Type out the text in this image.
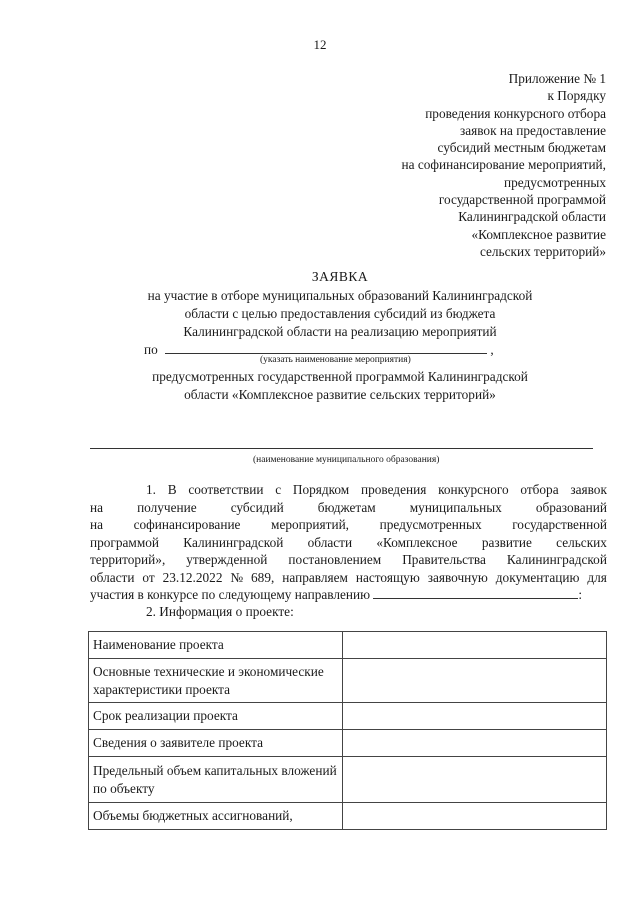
12
Приложение № 1
к Порядку
проведения конкурсного отбора
заявок на предоставление
субсидий местным бюджетам
на софинансирование мероприятий,
предусмотренных
государственной программой
Калининградской области
«Комплексное развитие
сельских территорий»
ЗАЯВКА
на участие в отборе муниципальных образований Калининградской
области с целью предоставления субсидий из бюджета
Калининградской области на реализацию мероприятий
по	,
(указать наименование мероприятия)
предусмотренных государственной программой Калининградской
области «Комплексное развитие сельских территорий»
(наименование муниципального образования)
1. В соответствии с Порядком проведения конкурсного отбора заявок
на	получение	субсидий	бюджетам	муниципальных	образований
на софинансирование мероприятий, предусмотренных государственной
программой Калининградской области «Комплексное развитие сельских
территорий», утвержденной постановлением Правительства Калининградской
области от 23.12.2022 № 689, направляем настоящую заявочную документацию для
участия в конкурсе по следующему направлению
	:
2. Информация о проекте:
Наименование проекта	
Основные технические и экономические характеристики проекта	
Срок реализации проекта	
Сведения о заявителе проекта	
Предельный объем капитальных вложений по объекту	
Объемы бюджетных ассигнований,	
